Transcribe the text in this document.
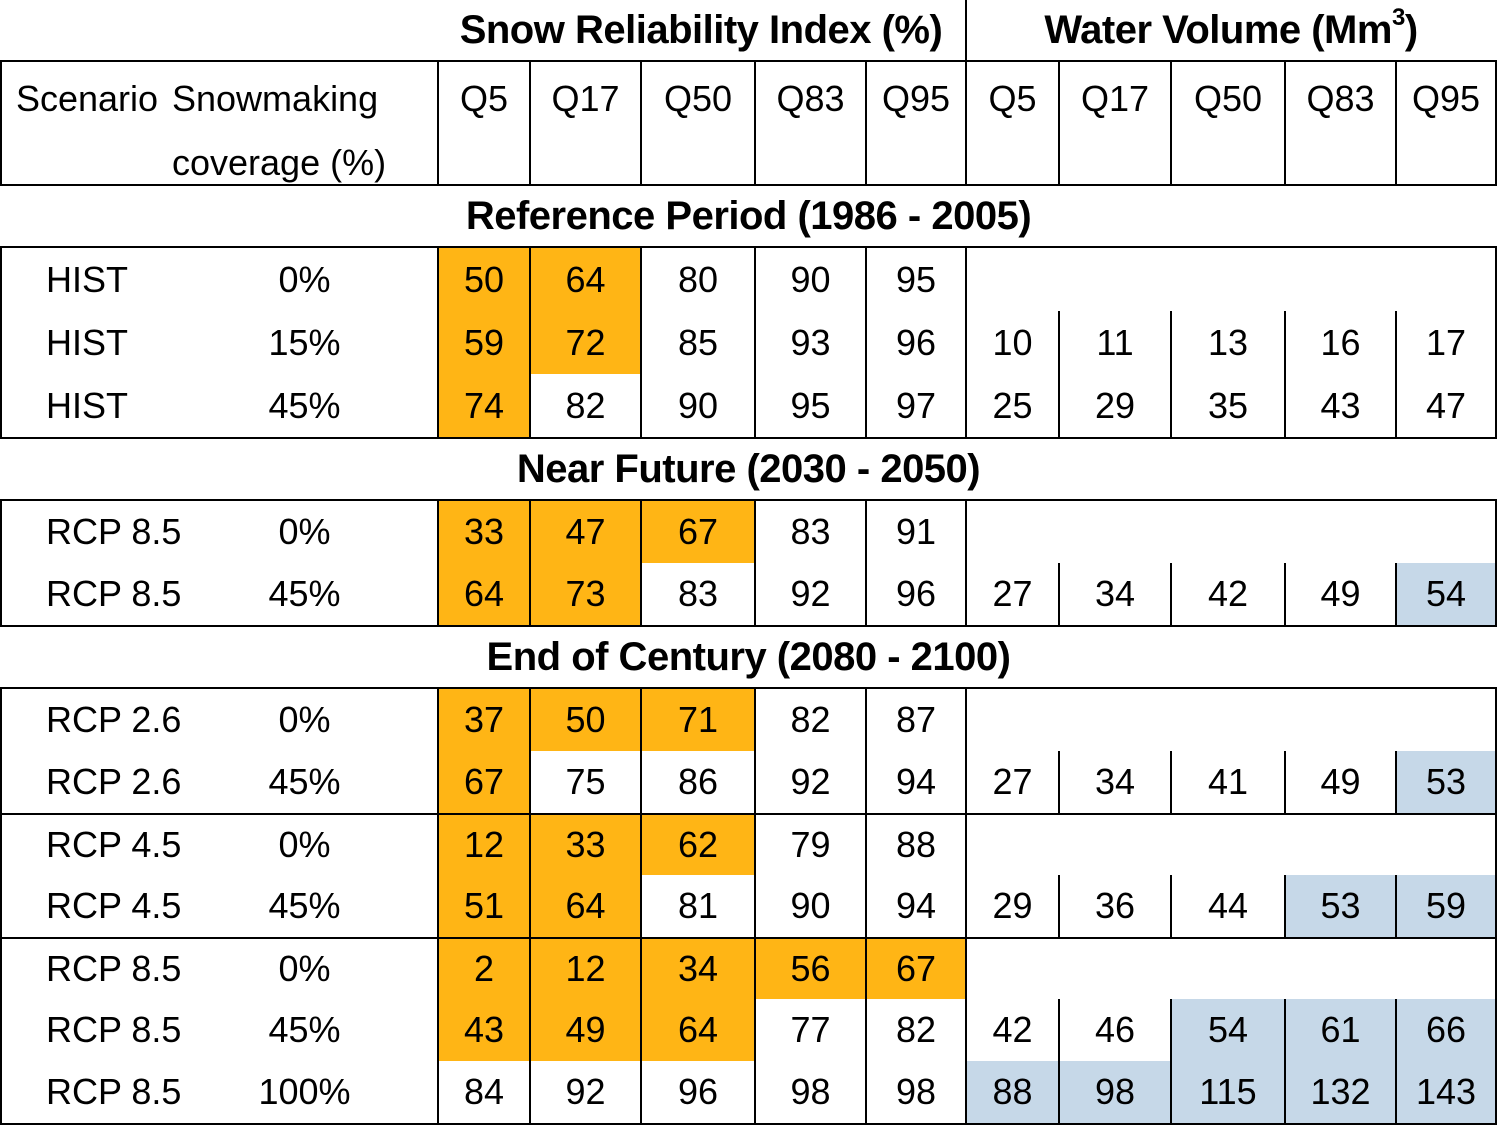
Snow Reliability Index (%)	Water Volume (Mm$^3$ )
Scenario Snowmaking
coverage (%)
Q5	Q17	Q50	Q83	Q95	Q5	Q17	Q50	Q83	Q95
Reference Period (1986 - 2005)
HIST	0%	50	64	80	90	95
HIST	15%	59	72	85	93	96	10	11	13	16	17
HIST	45%	74	82	90	95	97	25	29	35	43	47
Near Future (2030 - 2050)
RCP 8.5	0%	33	47	67	83	91
RCP 8.5	45%	64	73	83	92	96	27	34	42	49	54
End of Century (2080 - 2100)
RCP 2.6	0%	37	50	71	82	87
RCP 2.6	45%	67	75	86	92	94	27	34	41	49	53
RCP 4.5	0%	12	33	62	79	88
RCP 4.5	45%	51	64	81	90	94	29	36	44	53	59
RCP 8.5	0%	2	12	34	56	67
RCP 8.5	45%	43	49	64	77	82	42	46	54	61	66
RCP 8.5	100%	84	92	96	98	98	88	98	115	132	143
